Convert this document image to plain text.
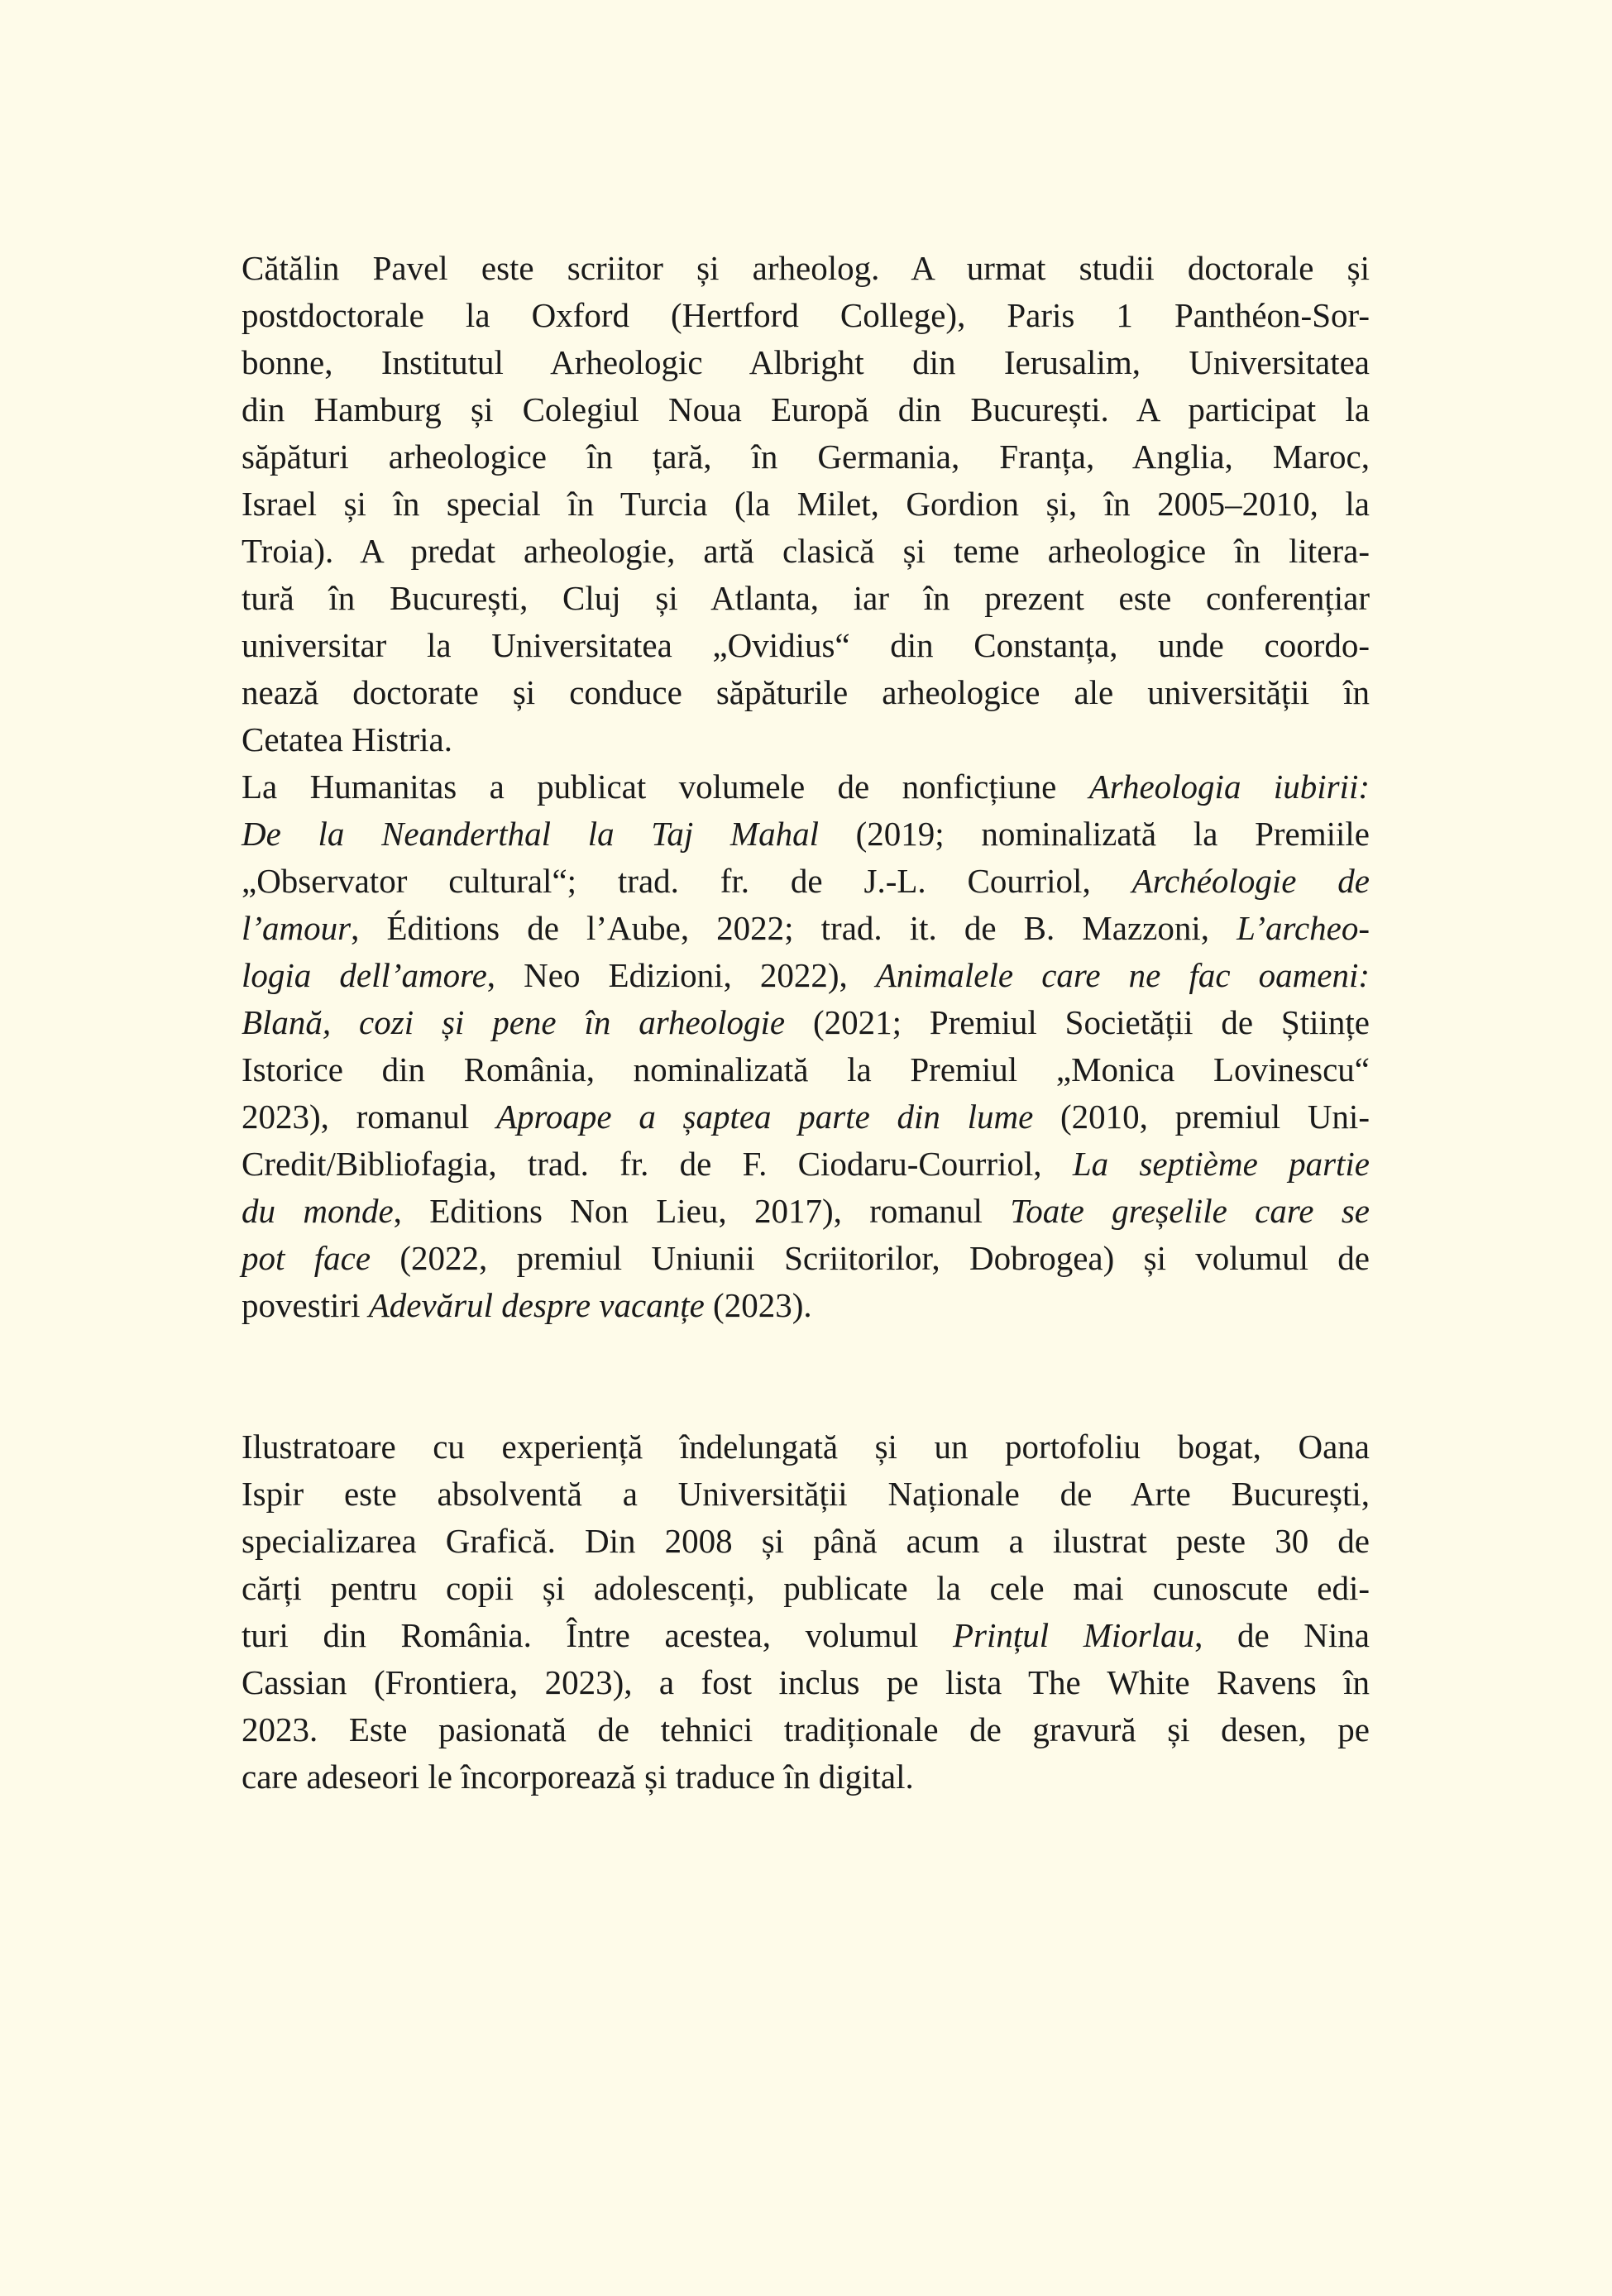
Cătălin Pavel este scriitor și arheolog. A urmat studii doctorale și
postdoctorale la Oxford (Hertford College), Paris 1 Panthéon-Sor-
bonne, Institutul Arheologic Albright din Ierusalim, Universitatea
din Hamburg și Colegiul Noua Europă din București. A participat la
săpături arheologice în țară, în Germania, Franța, Anglia, Maroc,
Israel și în special în Turcia (la Milet, Gordion și, în 2005–2010, la
Troia). A predat arheologie, artă clasică și teme arheologice în litera-
tură în București, Cluj și Atlanta, iar în prezent este conferențiar
universitar la Universitatea „Ovidius“ din Constanța, unde coordo-
nează doctorate și conduce săpăturile arheologice ale universității în
Cetatea Histria.
La Humanitas a publicat volumele de nonficțiune Arheologia iubirii:
De la Neanderthal la Taj Mahal (2019; nominalizată la Premiile
„Observator cultural“; trad. fr. de J.-L. Courriol, Archéologie de
l’amour, Éditions de l’Aube, 2022; trad. it. de B. Mazzoni, L’archeo-
logia dell’amore, Neo Edizioni, 2022), Animalele care ne fac oameni:
Blană, cozi și pene în arheologie (2021; Premiul Societății de Științe
Istorice din România, nominalizată la Premiul „Monica Lovinescu“
2023), romanul Aproape a șaptea parte din lume (2010, premiul Uni-
Credit/Bibliofagia, trad. fr. de F. Ciodaru-Courriol, La septième partie
du monde, Editions Non Lieu, 2017), romanul Toate greșelile care se
pot face (2022, premiul Uniunii Scriitorilor, Dobrogea) și volumul de
povestiri Adevărul despre vacanțe (2023).
Ilustratoare cu experiență îndelungată și un portofoliu bogat, Oana
Ispir este absolventă a Universității Naționale de Arte București,
specializarea Grafică. Din 2008 și până acum a ilustrat peste 30 de
cărți pentru copii și adolescenți, publicate la cele mai cunoscute edi-
turi din România. Între acestea, volumul Prințul Miorlau, de Nina
Cassian (Frontiera, 2023), a fost inclus pe lista The White Ravens în
2023. Este pasionată de tehnici tradiționale de gravură și desen, pe
care adeseori le încorporează și traduce în digital.
